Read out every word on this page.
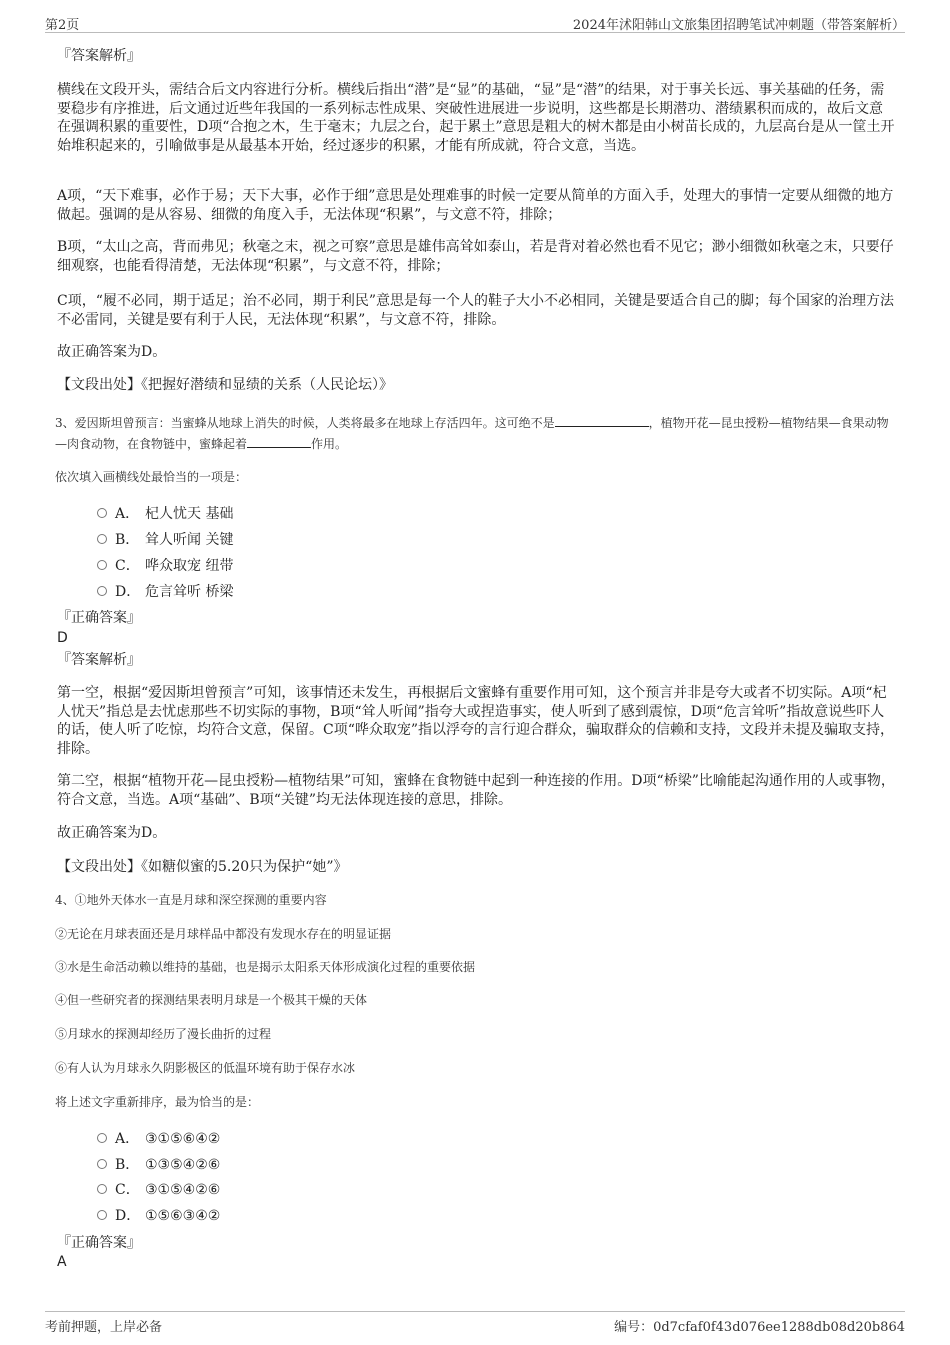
第2页	2024年沭阳韩山文旅集团招聘笔试冲刺题（带答案解析）
『答案解析』

横线在文段开头，需结合后文内容进行分析。横线后指出“潜”是“显”的基础，“显”是“潜”的结果，对于事关长远、事关基础的任务，需要稳步有序推进，后文通过近些年我国的一系列标志性成果、突破性进展进一步说明，这些都是长期潜功、潜绩累积而成的，故后文意在强调积累的重要性，D项“合抱之木，生于毫末；九层之台，起于累土”意思是粗大的树木都是由小树苗长成的，九层高台是从一筐土开始堆积起来的，引喻做事是从最基本开始，经过逐步的积累，才能有所成就，符合文意，当选。

A项，“天下难事，必作于易；天下大事，必作于细”意思是处理难事的时候一定要从简单的方面入手，处理大的事情一定要从细微的地方做起。强调的是从容易、细微的角度入手，无法体现“积累”，与文意不符，排除；

B项，“太山之高，背而弗见；秋毫之末，视之可察”意思是雄伟高耸如泰山，若是背对着必然也看不见它；渺小细微如秋毫之末，只要仔细观察，也能看得清楚，无法体现“积累”，与文意不符，排除；

C项，“履不必同，期于适足；治不必同，期于利民”意思是每一个人的鞋子大小不必相同，关键是要适合自己的脚；每个国家的治理方法不必雷同，关键是要有利于人民，无法体现“积累”，与文意不符，排除。

故正确答案为D。
【文段出处】《把握好潜绩和显绩的关系（人民论坛）》

3、爱因斯坦曾预言：当蜜蜂从地球上消失的时候，人类将最多在地球上存活四年。这可绝不是	，植物开花—昆虫授粉—植物结果—食果动物—肉食动物，在食物链中，蜜蜂起着	作用。

依次填入画横线处最恰当的一项是：
A． 杞人忧天 基础
B． 耸人听闻 关键
C． 哗众取宠 纽带
D． 危言耸听 桥梁
『正确答案』
D
『答案解析』

第一空，根据“爱因斯坦曾预言”可知，该事情还未发生，再根据后文蜜蜂有重要作用可知，这个预言并非是夸大或者不切实际。A项“杞人忧天”指总是去忧虑那些不切实际的事物，B项“耸人听闻”指夸大或捏造事实，使人听到了感到震惊，D项“危言耸听”指故意说些吓人的话，使人听了吃惊，均符合文意，保留。C项“哗众取宠”指以浮夸的言行迎合群众，骗取群众的信赖和支持，文段并未提及骗取支持，排除。

第二空，根据“植物开花—昆虫授粉—植物结果”可知，蜜蜂在食物链中起到一种连接的作用。D项“桥梁”比喻能起沟通作用的人或事物，符合文意，当选。A项“基础”、B项“关键”均无法体现连接的意思，排除。

故正确答案为D。
【文段出处】《如糖似蜜的5.20只为保护“她”》
4、①地外天体水一直是月球和深空探测的重要内容
②无论在月球表面还是月球样品中都没有发现水存在的明显证据
③水是生命活动赖以维持的基础，也是揭示太阳系天体形成演化过程的重要依据
④但一些研究者的探测结果表明月球是一个极其干燥的天体
⑤月球水的探测却经历了漫长曲折的过程
⑥有人认为月球永久阴影极区的低温环境有助于保存水冰
将上述文字重新排序，最为恰当的是：
A． ③①⑤⑥④②
B． ①③⑤④②⑥
C． ③①⑤④②⑥
D． ①⑤⑥③④②
『正确答案』
A
考前押题，上岸必备	编号：0d7cfaf0f43d076ee1288db08d20b864
